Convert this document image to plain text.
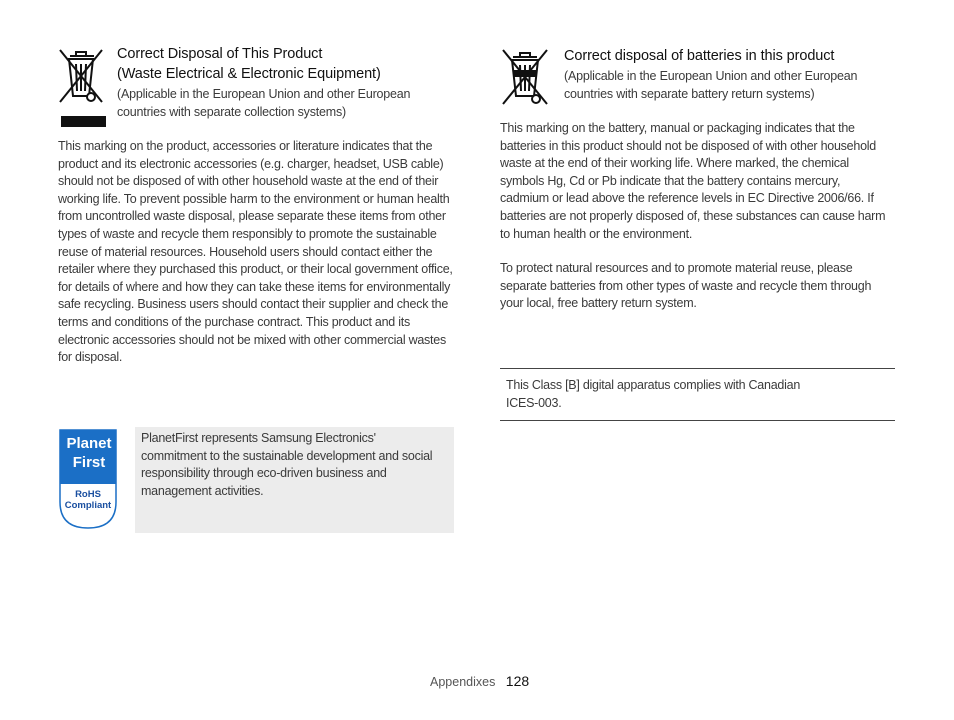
Correct Disposal of This Product
(Waste Electrical & Electronic Equipment)
(Applicable in the European Union and other European
countries with separate collection systems)

This marking on the product, accessories or literature indicates that the product and its electronic accessories (e.g. charger, headset, USB cable) should not be disposed of with other household waste at the end of their working life. To prevent possible harm to the environment or human health from uncontrolled waste disposal, please separate these items from other types of waste and recycle them responsibly to promote the sustainable reuse of material resources. Household users should contact either the retailer where they purchased this product, or their local government office, for details of where and how they can take these items for environmentally safe recycling. Business users should contact their supplier and check the terms and conditions of the purchase contract. This product and its electronic accessories should not be mixed with other commercial wastes for disposal.

Planet
First
RoHS
Compliant

PlanetFirst represents Samsung Electronics' commitment to the sustainable development and social responsibility through eco-driven business and management activities.

Correct disposal of batteries in this product
(Applicable in the European Union and other European
countries with separate battery return systems)

This marking on the battery, manual or packaging indicates that the batteries in this product should not be disposed of with other household waste at the end of their working life. Where marked, the chemical symbols Hg, Cd or Pb indicate that the battery contains mercury, cadmium or lead above the reference levels in EC Directive 2006/66. If batteries are not properly disposed of, these substances can cause harm to human health or the environment.

To protect natural resources and to promote material reuse, please separate batteries from other types of waste and recycle them through your local, free battery return system.

This Class [B] digital apparatus complies with Canadian
ICES-003.
Appendixes 128
